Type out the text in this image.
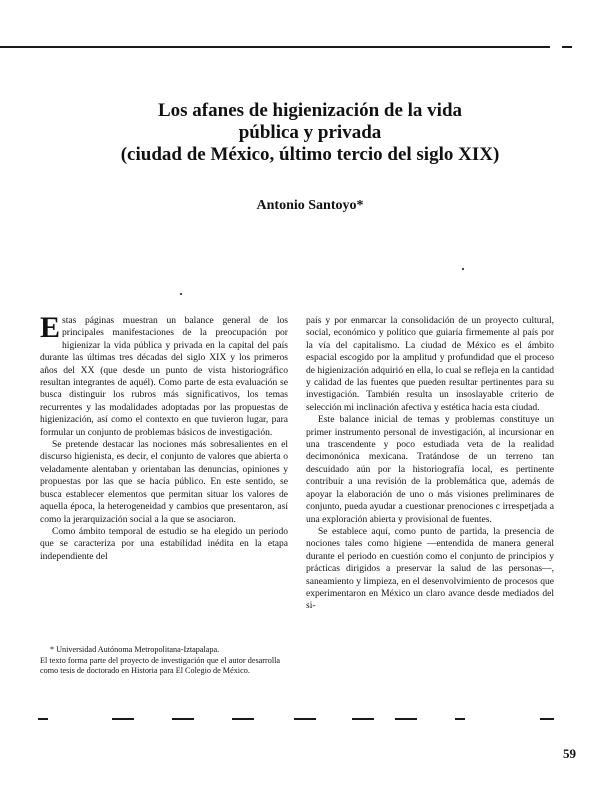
Los afanes de higienización de la vida
pública y privada
(ciudad de México, último tercio del siglo XIX)
Antonio Santoyo*

Estas páginas muestran un balance general de los principales manifestaciones de la preocupación por higienizar la vida pública y privada en la capital del país durante las últimas tres décadas del siglo XIX y los primeros años del XX (que desde un punto de vista historiográfico resultan integrantes de aquél). Como parte de esta evaluación se busca distinguir los rubros más significativos, los temas recurrentes y las modalidades adoptadas por las propuestas de higienización, así como el contexto en que tuvieron lugar, para formular un conjunto de problemas básicos de investigación.

Se pretende destacar las nociones más sobresalientes en el discurso higienista, es decir, el conjunto de valores que abierta o veladamente alentaban y orientaban las denuncias, opiniones y propuestas por las que se hacía público. En este sentido, se busca establecer elementos que permitan situar los valores de aquella época, la heterogeneidad y cambios que presentaron, así como la jerarquización social a la que se asociaron.

Como ámbito temporal de estudio se ha elegido un periodo que se caracteriza por una estabilidad inédita en la etapa independiente del

* Universidad Autónoma Metropolitana-Iztapalapa.

El texto forma parte del proyecto de investigación que el autor desarrolla como tesis de doctorado en Historia para El Colegio de México.

país y por enmarcar la consolidación de un proyecto cultural, social, económico y político que guiaría firmemente al país por la vía del capitalismo. La ciudad de México es el ámbito espacial escogido por la amplitud y profundidad que el proceso de higienización adquirió en ella, lo cual se refleja en la cantidad y calidad de las fuentes que pueden resultar pertinentes para su investigación. También resulta un insoslayable criterio de selección mi inclinación afectiva y estética hacia esta ciudad.

Este balance inicial de temas y problemas constituye un primer instrumento personal de investigación, al incursionar en una trascendente y poco estudiada veta de la realidad decimonónica mexicana. Tratándose de un terreno tan descuidado aún por la historiografía local, es pertinente contribuir a una revisión de la problemática que, además de apoyar la elaboración de uno o más visiones preliminares de conjunto, pueda ayudar a cuestionar prenociones c irrespetjada a una exploración abierta y provisional de fuentes.

Se establece aquí, como punto de partida, la presencia de nociones tales como higiene —entendida de manera general durante el periodo en cuestión como el conjunto de principios y prácticas dirigidos a preservar la salud de las personas—, saneamiento y limpieza, en el desenvolvimiento de procesos que experimentaron en México un claro avance desde mediados del si-

59
